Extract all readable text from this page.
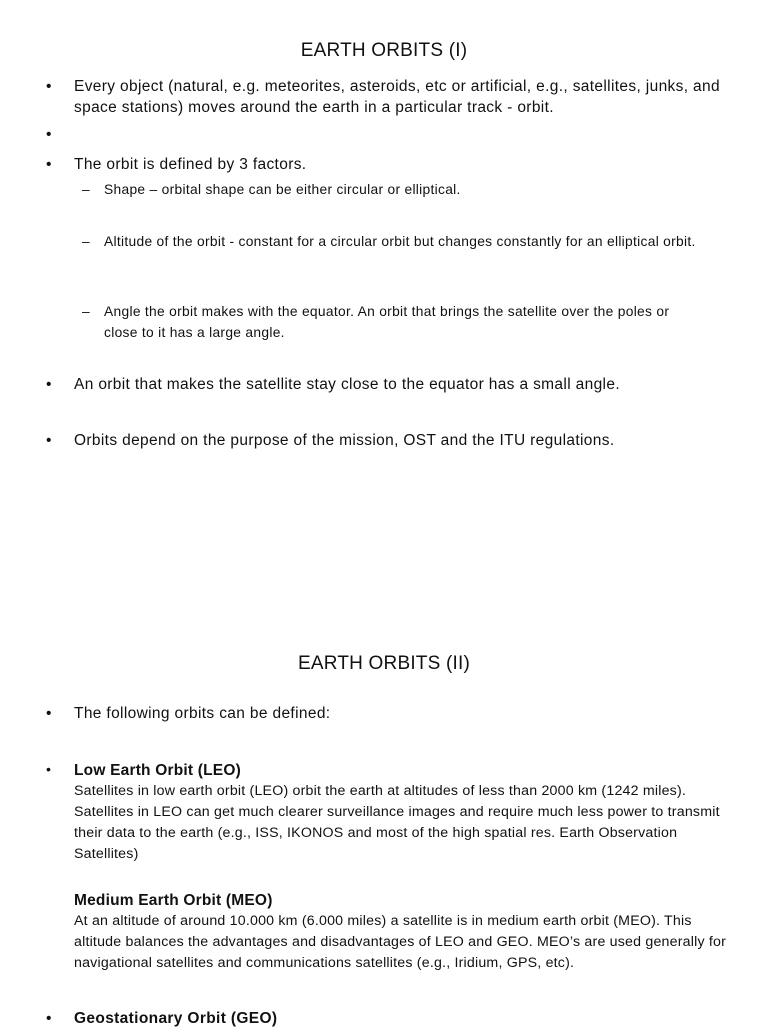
EARTH ORBITS (I)
• Every object (natural, e.g. meteorites, asteroids, etc or artificial, e.g., satellites, junks, and space stations) moves around the earth in a particular track - orbit.
•
• The orbit is defined by 3 factors.
– Shape – orbital shape can be either circular or elliptical.
– Altitude of the orbit - constant for a circular orbit but changes constantly for an elliptical orbit.
– Angle the orbit makes with the equator. An orbit that brings the satellite over the poles or close to it has a large angle.
• An orbit that makes the satellite stay close to the equator has a small angle.
• Orbits depend on the purpose of the mission, OST and the ITU regulations.
EARTH ORBITS (II)
• The following orbits can be defined:
• Low Earth Orbit (LEO)
Satellites in low earth orbit (LEO) orbit the earth at altitudes of less than 2000 km (1242 miles). Satellites in LEO can get much clearer surveillance images and require much less power to transmit their data to the earth (e.g., ISS, IKONOS and most of the high spatial res. Earth Observation Satellites)
Medium Earth Orbit (MEO)
At an altitude of around 10.000 km (6.000 miles) a satellite is in medium earth orbit (MEO). This altitude balances the advantages and disadvantages of LEO and GEO. MEO’s are used generally for navigational satellites and communications satellites (e.g., Iridium, GPS, etc).
• Geostationary Orbit (GEO)
